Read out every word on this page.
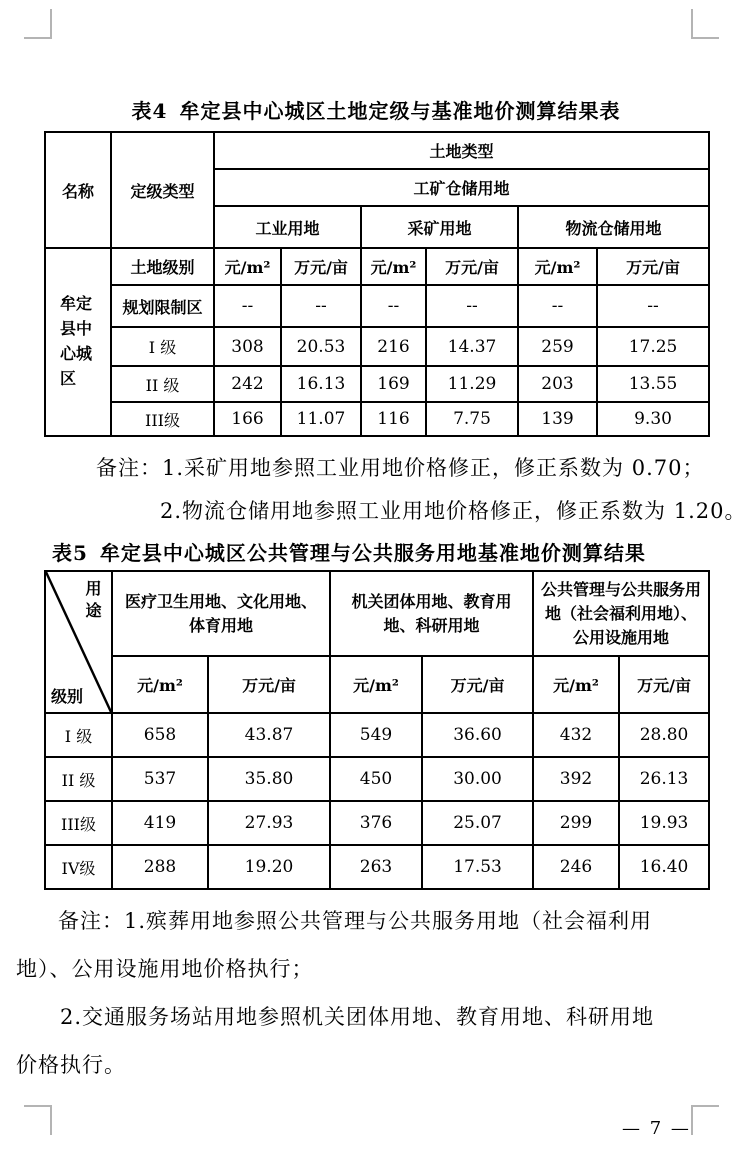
表4 牟定县中心城区土地定级与基准地价测算结果表
名称	定级类型	土地类型					
		工矿仓储用地					
		工业用地		采矿用地		物流仓储用地	

牟定县中心城区	土地级别	元/m²	万元/亩	元/m²	万元/亩	元/m²	万元/亩
	规划限制区	--	--	--	--	--	--
	I 级	308	20.53	216	14.37	259	17.25
	II 级	242	16.13	169	11.29	203	13.55
	III级	166	11.07	116	7.75	139	9.30
备注：1.采矿用地参照工业用地价格修正，修正系数为 0.70；
2.物流仓储用地参照工业用地价格修正，修正系数为 1.20。
表5 牟定县中心城区公共管理与公共服务用地基准地价测算结果
用途
级别	医疗卫生用地、文化用地、体育用地		机关团体用地、教育用地、科研用地		公共管理与公共服务用地（社会福利用地）、公用设施用地	
	元/m²	万元/亩	元/m²	万元/亩	元/m²	万元/亩
I 级	658	43.87	549	36.60	432	28.80
II 级	537	35.80	450	30.00	392	26.13
III级	419	27.93	376	25.07	299	19.93
IV级	288	19.20	263	17.53	246	16.40
备注：1.殡葬用地参照公共管理与公共服务用地（社会福利用
地）、公用设施用地价格执行；
2.交通服务场站用地参照机关团体用地、教育用地、科研用地
价格执行。
— 7 —
